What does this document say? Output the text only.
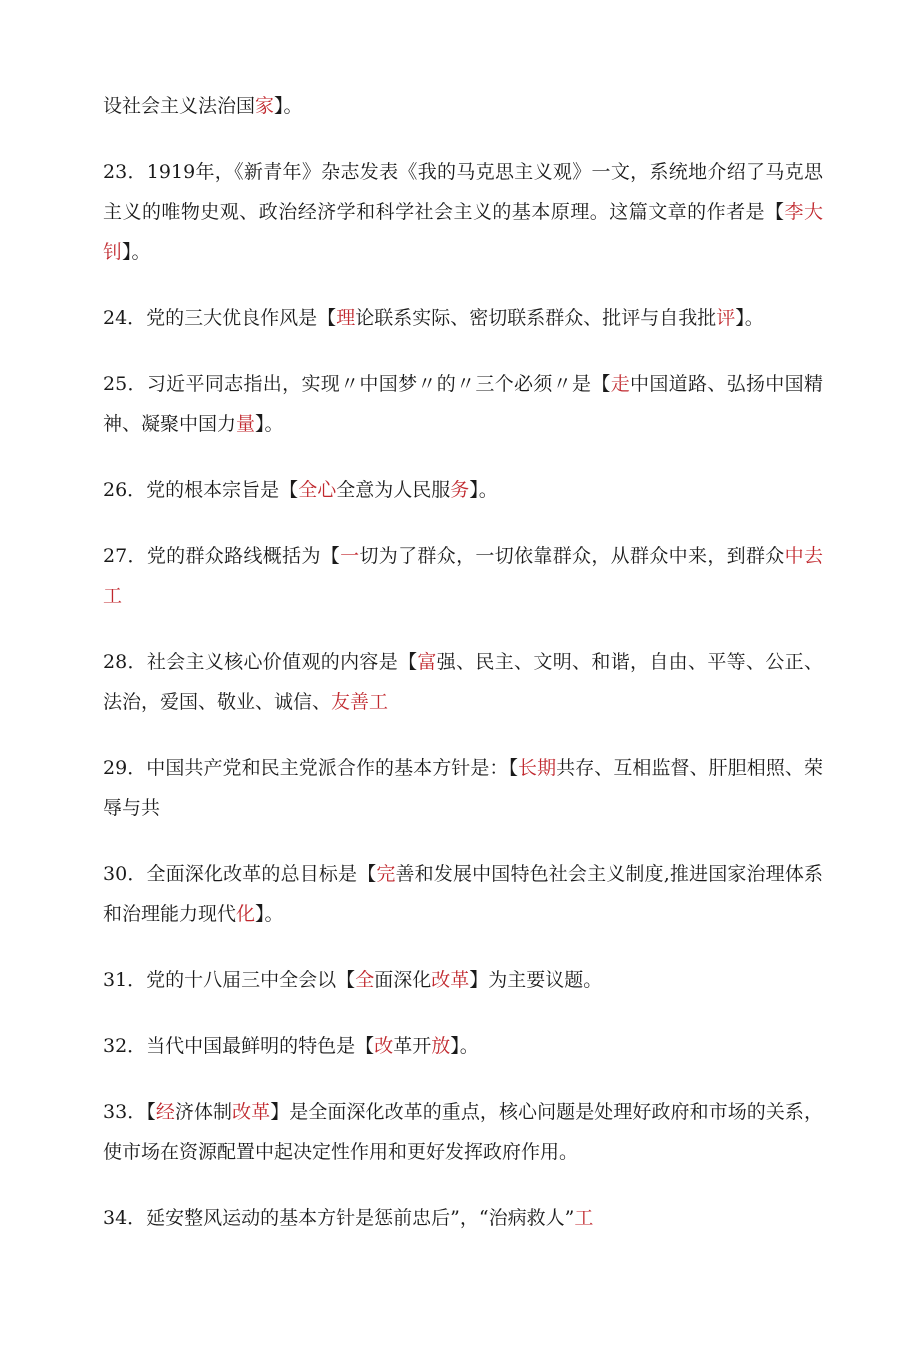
设社会主义法治国家】。

23．1919年，《新青年》杂志发表《我的马克思主义观》一文，系统地介绍了马克思主义的唯物史观、政治经济学和科学社会主义的基本原理。这篇文章的作者是【李大钊】。

24．党的三大优良作风是【理论联系实际、密切联系群众、批评与自我批评】。

25．习近平同志指出，实现〃中国梦〃的〃三个必须〃是【走中国道路、弘扬中国精神、凝聚中国力量】。

26．党的根本宗旨是【全心全意为人民服务】。

27．党的群众路线概括为【一切为了群众，一切依靠群众，从群众中来，到群众中去工

28．社会主义核心价值观的内容是【富强、民主、文明、和谐，自由、平等、公正、法治，爱国、敬业、诚信、友善工

29．中国共产党和民主党派合作的基本方针是：【长期共存、互相监督、肝胆相照、荣辱与共

30．全面深化改革的总目标是【完善和发展中国特色社会主义制度,推进国家治理体系和治理能力现代化】。

31．党的十八届三中全会以【全面深化改革】为主要议题。

32．当代中国最鲜明的特色是【改革开放】。

33．【经济体制改革】是全面深化改革的重点，核心问题是处理好政府和市场的关系，使市场在资源配置中起决定性作用和更好发挥政府作用。

34．延安整风运动的基本方针是惩前忠后”，“治病救人”工
